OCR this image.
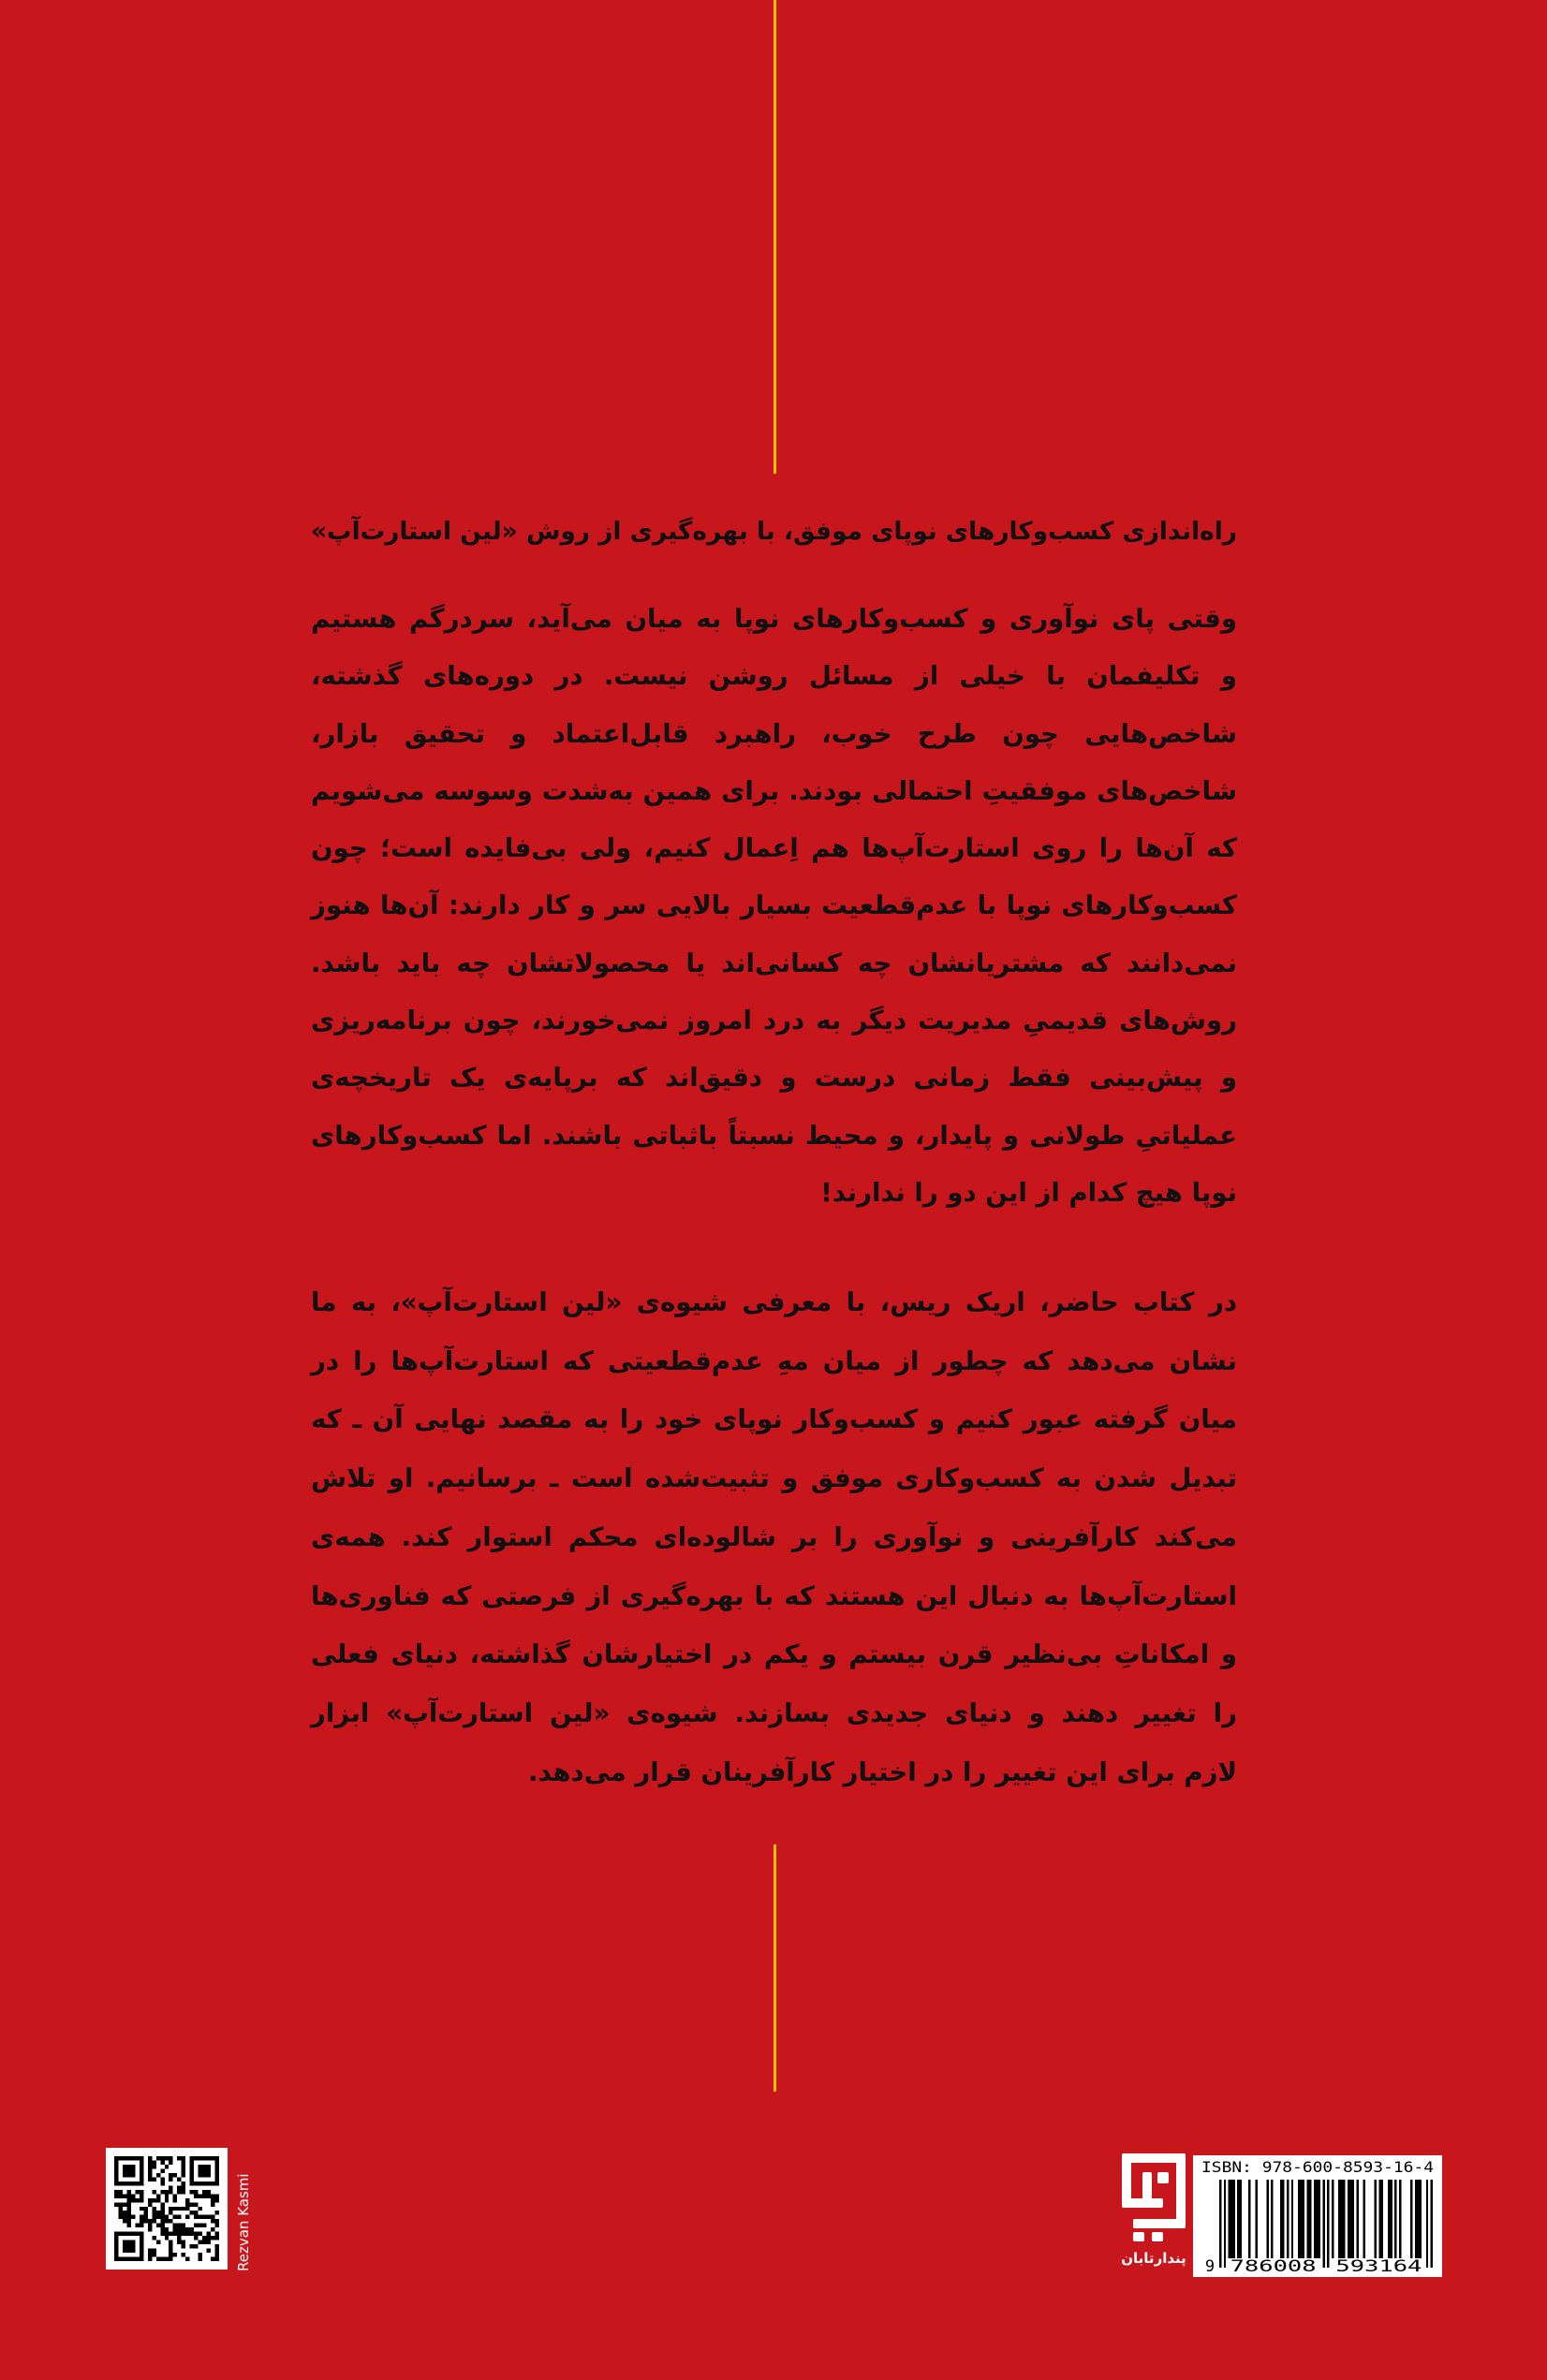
راه‌اندازی کسب‌وکارهای نوپای موفق، با بهره‌گیری از روش «لین استارت‌آپ»
وقتی پای نوآوری و کسب‌وکارهای نوپا به میان می‌آید، سردرگم هستیم
و تکلیفمان با خیلی از مسائل روشن نیست. در دوره‌های گذشته،
شاخص‌هایی چون طرح خوب، راهبرد قابل‌اعتماد و تحقیق بازار،
شاخص‌های موفقیتِ احتمالی بودند. برای همین به‌شدت وسوسه می‌شویم
که آن‌ها را روی استارت‌آپ‌ها هم اِعمال کنیم، ولی بی‌فایده است؛ چون
کسب‌وکارهای نوپا با عدم‌قطعیت بسیار بالایی سر و کار دارند: آن‌ها هنوز
نمی‌دانند که مشتریانشان چه کسانی‌اند یا محصولاتشان چه باید باشد.
روش‌های قدیمیِ مدیریت دیگر به درد امروز نمی‌خورند، چون برنامه‌ریزی
و پیش‌بینی فقط زمانی درست و دقیق‌اند که برپایه‌ی یک تاریخچه‌ی
عملیاتیِ طولانی و پایدار، و محیط نسبتاً باثباتی باشند. اما کسب‌وکارهای
نوپا هیچ کدام از این دو را ندارند!
در کتاب حاضر، اریک ریس، با معرفی شیوه‌ی «لین استارت‌آپ»، به ما
نشان می‌دهد که چطور از میان مهِ عدم‌قطعیتی که استارت‌آپ‌ها را در
میان گرفته عبور کنیم و کسب‌وکار نوپای خود را به مقصد نهایی آن ـ که
تبدیل شدن به کسب‌وکاری موفق و تثبیت‌شده است ـ برسانیم. او تلاش
می‌کند کارآفرینی و نوآوری را بر شالوده‌ای محکم استوار کند. همه‌ی
استارت‌آپ‌ها به دنبال این هستند که با بهره‌گیری از فرصتی که فناوری‌ها
و امکاناتِ بی‌نظیر قرن بیستم و یکم در اختیارشان گذاشته، دنیای فعلی
را تغییر دهند و دنیای جدیدی بسازند. شیوه‌ی «لین استارت‌آپ» ابزار
لازم برای این تغییر را در اختیار کارآفرینان قرار می‌دهد.
Rezvan Kasmi	پندارتابان
ISBN: 978-600-8593-16-4
9 786008 593164
